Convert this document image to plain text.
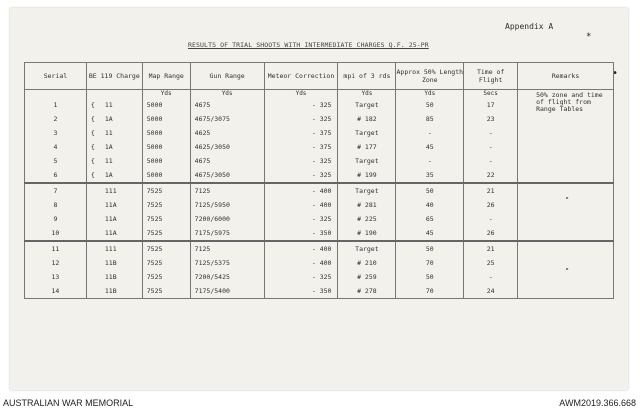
Appendix A
*
•
RESULTS OF TRIAL SHOOTS WITH INTERMEDIATE CHARGES Q.F. 25-PR
Serial	BE 119 Charge	Map Range	Gun Range	Meteor Correction	mpi of 3 rds	Approx 50% Length Zone	Time of Flight	Remarks
		Yds	Yds	Yds	Yds	Yds	Secs	50% zone and time of flight from Range Tables
1	{ 11	5000	4675	- 325	Target	50	17	
2	{ 1A	5000	4675/3075	- 325	# 182	85	23	
3	{ 11	5000	4625	- 375	Target	-	-	
4	{ 1A	5000	4625/3050	- 375	# 177	45	-	
5	{ 11	5000	4675	- 325	Target	-	-	
6	{ 1A	5000	4675/3050	- 325	# 199	35	22	
7	111	7525	7125	- 400	Target	50	21	
8	11A	7525	7125/5950	- 400	# 281	40	26	
9	11A	7525	7200/6000	- 325	# 225	65	-	
10	11A	7525	7175/5975	- 350	# 190	45	26	
11	111	7525	7125	- 400	Target	50	21	
12	11B	7525	7125/5375	- 400	# 210	70	25	
13	11B	7525	7200/5425	- 325	# 259	50	-	
14	11B	7525	7175/5400	- 350	# 278	70	24	
"
"
AUSTRALIAN WAR MEMORIAL	AWM2019.366.668
